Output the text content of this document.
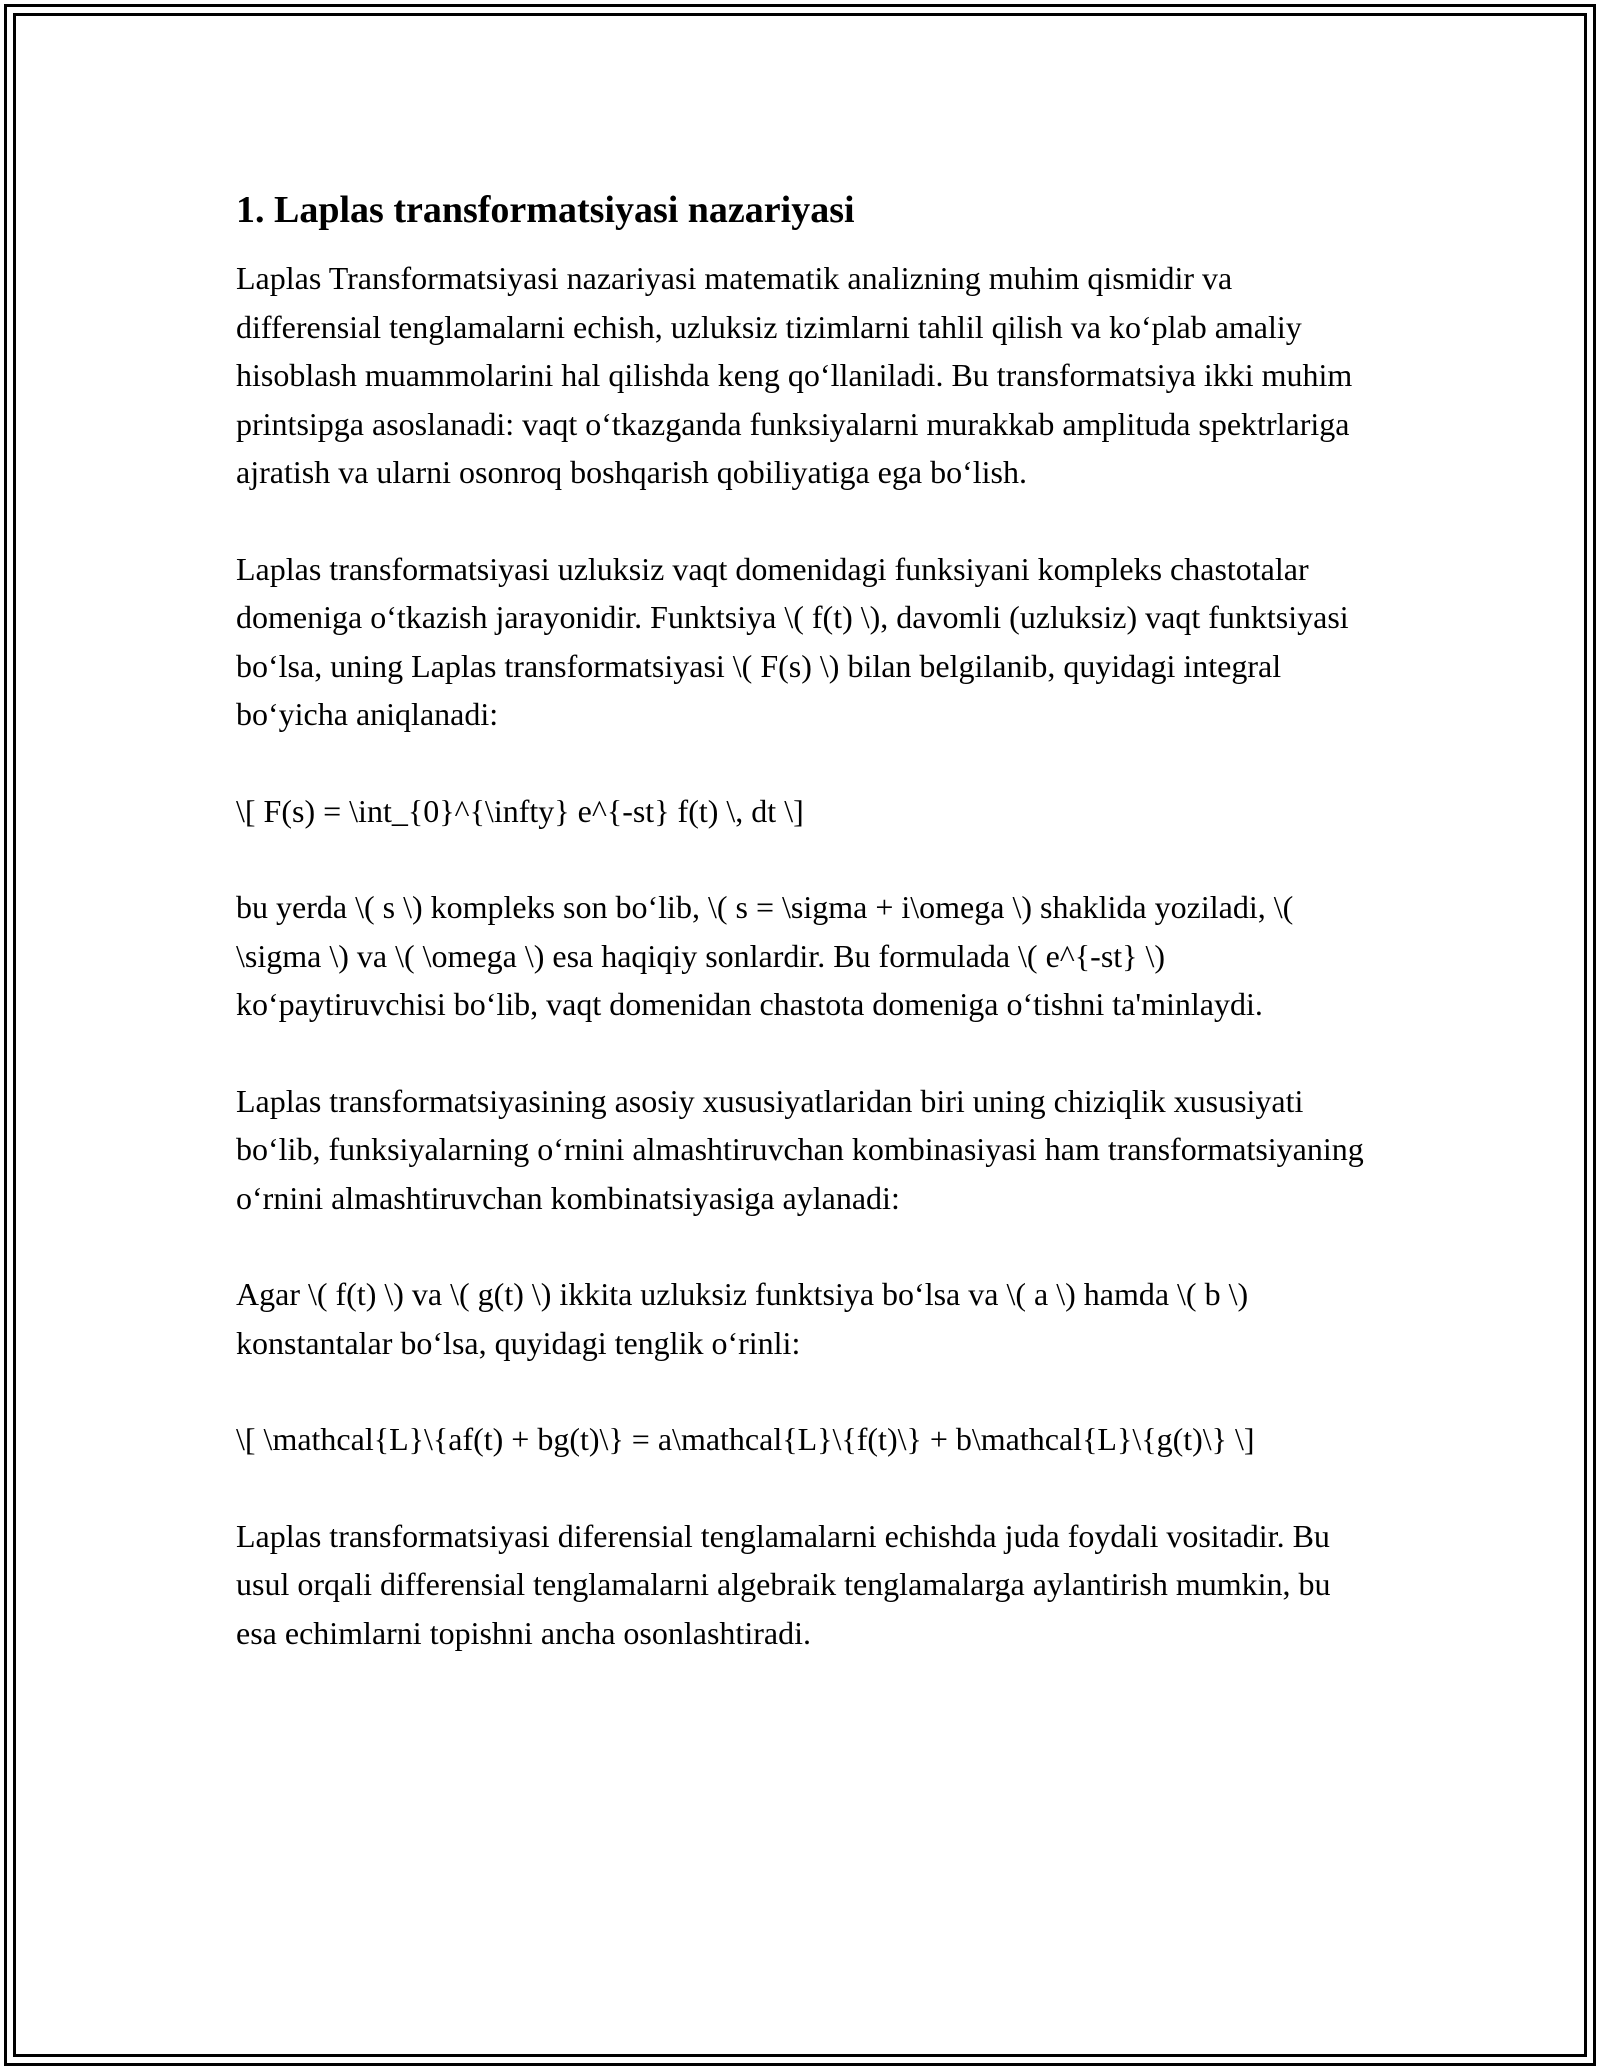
1. Laplas transformatsiyasi nazariyasi

Laplas Transformatsiyasi nazariyasi matematik analizning muhim qismidir va differensial tenglamalarni echish, uzluksiz tizimlarni tahlil qilish va ko‘plab amaliy hisoblash muammolarini hal qilishda keng qo‘llaniladi. Bu transformatsiya ikki muhim printsipga asoslanadi: vaqt o‘tkazganda funksiyalarni murakkab amplituda spektrlariga ajratish va ularni osonroq boshqarish qobiliyatiga ega bo‘lish.

Laplas transformatsiyasi uzluksiz vaqt domenidagi funksiyani kompleks chastotalar domeniga o‘tkazish jarayonidir. Funktsiya \( f(t) \), davomli (uzluksiz) vaqt funktsiyasi bo‘lsa, uning Laplas transformatsiyasi \( F(s) \) bilan belgilanib, quyidagi integral bo‘yicha aniqlanadi:

\[ F(s) = \int_{0}^{\infty} e^{-st} f(t) \, dt \]

bu yerda \( s \) kompleks son bo‘lib, \( s = \sigma + i\omega \) shaklida yoziladi, \( \sigma \) va \( \omega \) esa haqiqiy sonlardir. Bu formulada \( e^{-st} \) ko‘paytiruvchisi bo‘lib, vaqt domenidan chastota domeniga o‘tishni ta'minlaydi.

Laplas transformatsiyasining asosiy xususiyatlaridan biri uning chiziqlik xususiyati bo‘lib, funksiyalarning o‘rnini almashtiruvchan kombinasiyasi ham transformatsiyaning o‘rnini almashtiruvchan kombinatsiyasiga aylanadi:

Agar \( f(t) \) va \( g(t) \) ikkita uzluksiz funktsiya bo‘lsa va \( a \) hamda \( b \) konstantalar bo‘lsa, quyidagi tenglik o‘rinli:

\[ \mathcal{L}\{af(t) + bg(t)\} = a\mathcal{L}\{f(t)\} + b\mathcal{L}\{g(t)\} \]

Laplas transformatsiyasi diferensial tenglamalarni echishda juda foydali vositadir. Bu usul orqali differensial tenglamalarni algebraik tenglamalarga aylantirish mumkin, bu esa echimlarni topishni ancha osonlashtiradi.
